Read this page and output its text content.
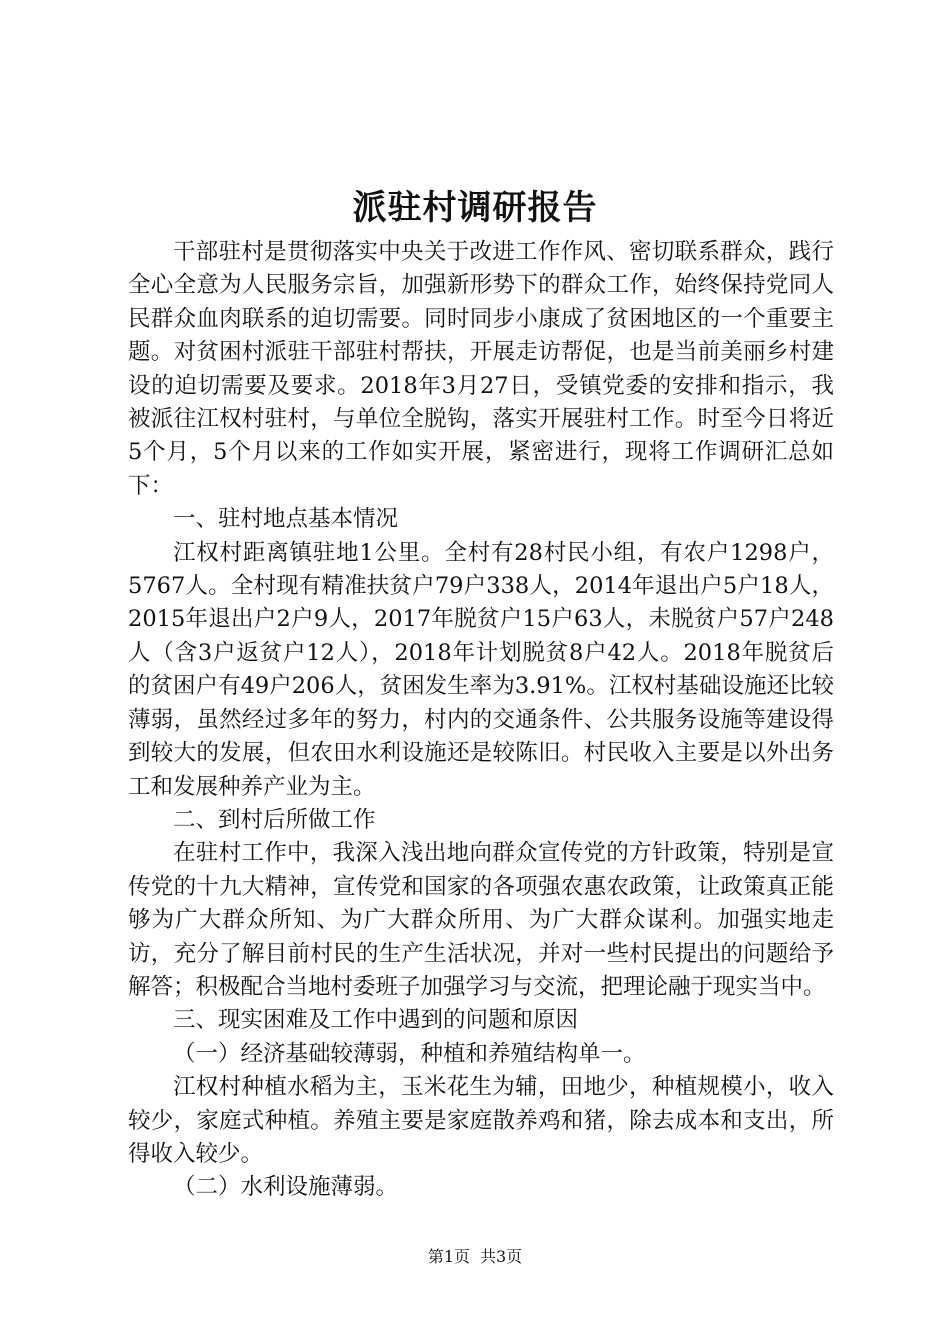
派驻村调研报告

干部驻村是贯彻落实中央关于改进工作作风、密切联系群众，践行全心全意为人民服务宗旨，加强新形势下的群众工作，始终保持党同人民群众血肉联系的迫切需要。同时同步小康成了贫困地区的一个重要主题。对贫困村派驻干部驻村帮扶，开展走访帮促，也是当前美丽乡村建设的迫切需要及要求。2018年3月27日，受镇党委的安排和指示，我被派往江权村驻村，与单位全脱钩，落实开展驻村工作。时至今日将近5个月，5个月以来的工作如实开展，紧密进行，现将工作调研汇总如下：

一、驻村地点基本情况

江权村距离镇驻地1公里。全村有28村民小组，有农户1298户，5767人。全村现有精准扶贫户79户338人，2014年退出户5户18人，2015年退出户2户9人，2017年脱贫户15户63人，未脱贫户57户248人（含3户返贫户12人），2018年计划脱贫8户42人。2018年脱贫后的贫困户有49户206人，贫困发生率为3.91%。江权村基础设施还比较薄弱，虽然经过多年的努力，村内的交通条件、公共服务设施等建设得到较大的发展，但农田水利设施还是较陈旧。村民收入主要是以外出务工和发展种养产业为主。

二、到村后所做工作

在驻村工作中，我深入浅出地向群众宣传党的方针政策，特别是宣传党的十九大精神，宣传党和国家的各项强农惠农政策，让政策真正能够为广大群众所知、为广大群众所用、为广大群众谋利。加强实地走访，充分了解目前村民的生产生活状况，并对一些村民提出的问题给予解答；积极配合当地村委班子加强学习与交流，把理论融于现实当中。

三、现实困难及工作中遇到的问题和原因

（一）经济基础较薄弱，种植和养殖结构单一。

江权村种植水稻为主，玉米花生为辅，田地少，种植规模小，收入较少，家庭式种植。养殖主要是家庭散养鸡和猪，除去成本和支出，所得收入较少。

（二）水利设施薄弱。

第1页 共3页
